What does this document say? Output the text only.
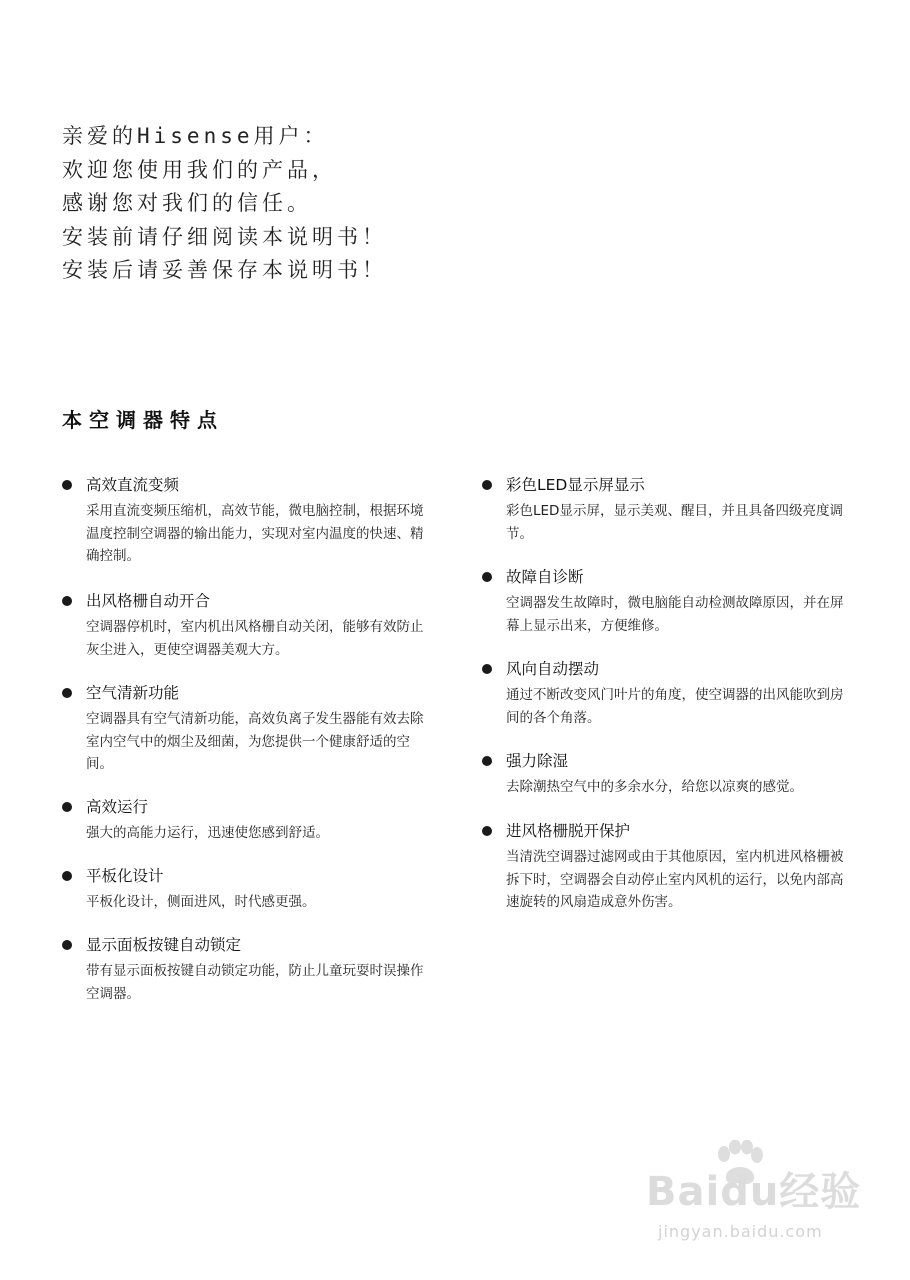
亲爱的Hisense用户：
欢迎您使用我们的产品，
感谢您对我们的信任。
安装前请仔细阅读本说明书！
安装后请妥善保存本说明书！
本空调器特点
高效直流变频
采用直流变频压缩机，高效节能，微电脑控制，根据环境温度控制空调器的输出能力，实现对室内温度的快速、精确控制。
出风格栅自动开合
空调器停机时，室内机出风格栅自动关闭，能够有效防止灰尘进入，更使空调器美观大方。
空气清新功能
空调器具有空气清新功能，高效负离子发生器能有效去除室内空气中的烟尘及细菌，为您提供一个健康舒适的空间。
高效运行
强大的高能力运行，迅速使您感到舒适。
平板化设计
平板化设计，侧面进风，时代感更强。
显示面板按键自动锁定
带有显示面板按键自动锁定功能，防止儿童玩耍时误操作空调器。
彩色LED显示屏显示
彩色LED显示屏，显示美观、醒目，并且具备四级亮度调节。
故障自诊断
空调器发生故障时，微电脑能自动检测故障原因，并在屏幕上显示出来，方便维修。
风向自动摆动
通过不断改变风门叶片的角度，使空调器的出风能吹到房间的各个角落。
强力除湿
去除潮热空气中的多余水分，给您以凉爽的感觉。
进风格栅脱开保护
当清洗空调器过滤网或由于其他原因，室内机进风格栅被拆下时，空调器会自动停止室内风机的运行，以免内部高速旋转的风扇造成意外伤害。
Baidu经验
jingyan.baidu.com
